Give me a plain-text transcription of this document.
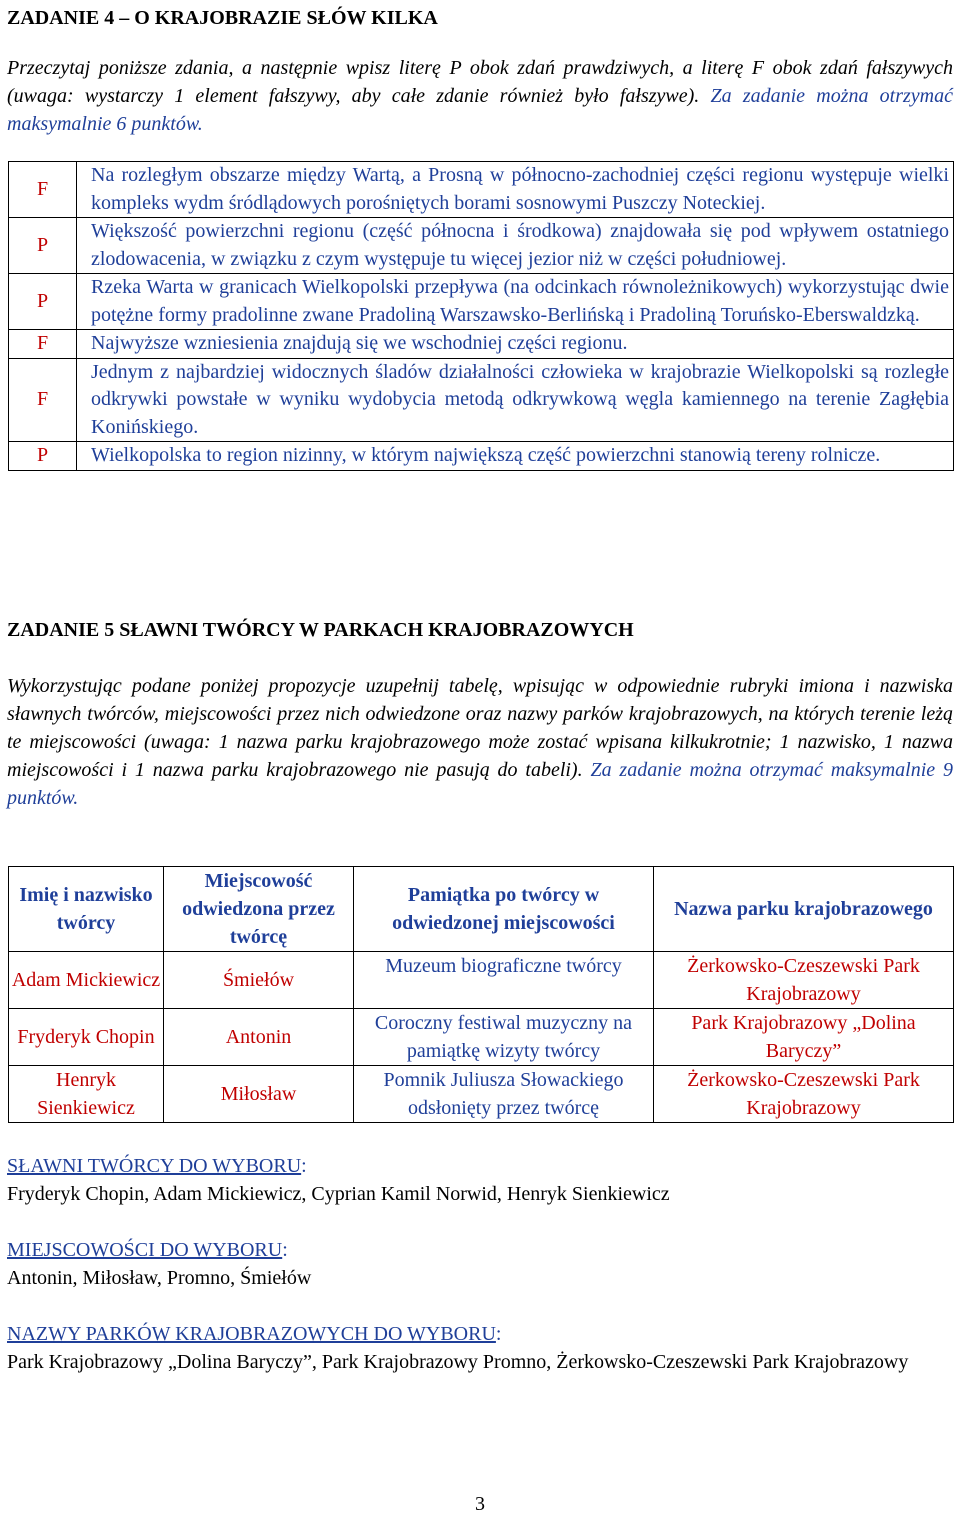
ZADANIE 4 – O KRAJOBRAZIE SŁÓW KILKA

Przeczytaj poniższe zdania, a następnie wpisz literę P obok zdań prawdziwych, a literę F obok zdań fałszywych (uwaga: wystarczy 1 element fałszywy, aby całe zdanie również było fałszywe). Za zadanie można otrzymać maksymalnie 6 punktów.

F	Na rozległym obszarze między Wartą, a Prosną w północno-zachodniej części regionu występuje wielki kompleks wydm śródlądowych porośniętych borami sosnowymi Puszczy Noteckiej.
P	Większość powierzchni regionu (część północna i środkowa) znajdowała się pod wpływem ostatniego zlodowacenia, w związku z czym występuje tu więcej jezior niż w części południowej.
P	Rzeka Warta w granicach Wielkopolski przepływa (na odcinkach równoleżnikowych) wykorzystując dwie potężne formy pradolinne zwane Pradoliną Warszawsko-Berlińską i Pradoliną Toruńsko-Eberswaldzką.
F	Najwyższe wzniesienia znajdują się we wschodniej części regionu.
F	Jednym z najbardziej widocznych śladów działalności człowieka w krajobrazie Wielkopolski są rozległe odkrywki powstałe w wyniku wydobycia metodą odkrywkową węgla kamiennego na terenie Zagłębia Konińskiego.
P	Wielkopolska to region nizinny, w którym największą część powierzchni stanowią tereny rolnicze.
ZADANIE 5 SŁAWNI TWÓRCY W PARKACH KRAJOBRAZOWYCH

Wykorzystując podane poniżej propozycje uzupełnij tabelę, wpisując w odpowiednie rubryki imiona i nazwiska sławnych twórców, miejscowości przez nich odwiedzone oraz nazwy parków krajobrazowych, na których terenie leżą te miejscowości (uwaga: 1 nazwa parku krajobrazowego może zostać wpisana kilkukrotnie; 1 nazwisko, 1 nazwa miejscowości i 1 nazwa parku krajobrazowego nie pasują do tabeli). Za zadanie można otrzymać maksymalnie 9 punktów.

Imię i nazwisko twórcy	Miejscowość odwiedzona przez twórcę	Pamiątka po twórcy w odwiedzonej miejscowości	Nazwa parku krajobrazowego
Adam Mickiewicz	Śmiełów	Muzeum biograficzne twórcy	Żerkowsko-Czeszewski Park Krajobrazowy
Fryderyk Chopin	Antonin	Coroczny festiwal muzyczny na pamiątkę wizyty twórcy	Park Krajobrazowy „Dolina Baryczy”
Henryk Sienkiewicz	Miłosław	Pomnik Juliusza Słowackiego odsłonięty przez twórcę	Żerkowsko-Czeszewski Park Krajobrazowy

SŁAWNI TWÓRCY DO WYBORU:
Fryderyk Chopin, Adam Mickiewicz, Cyprian Kamil Norwid, Henryk Sienkiewicz

MIEJSCOWOŚCI DO WYBORU:
Antonin, Miłosław, Promno, Śmiełów

NAZWY PARKÓW KRAJOBRAZOWYCH DO WYBORU:
Park Krajobrazowy „Dolina Baryczy”, Park Krajobrazowy Promno, Żerkowsko-Czeszewski Park Krajobrazowy

3
